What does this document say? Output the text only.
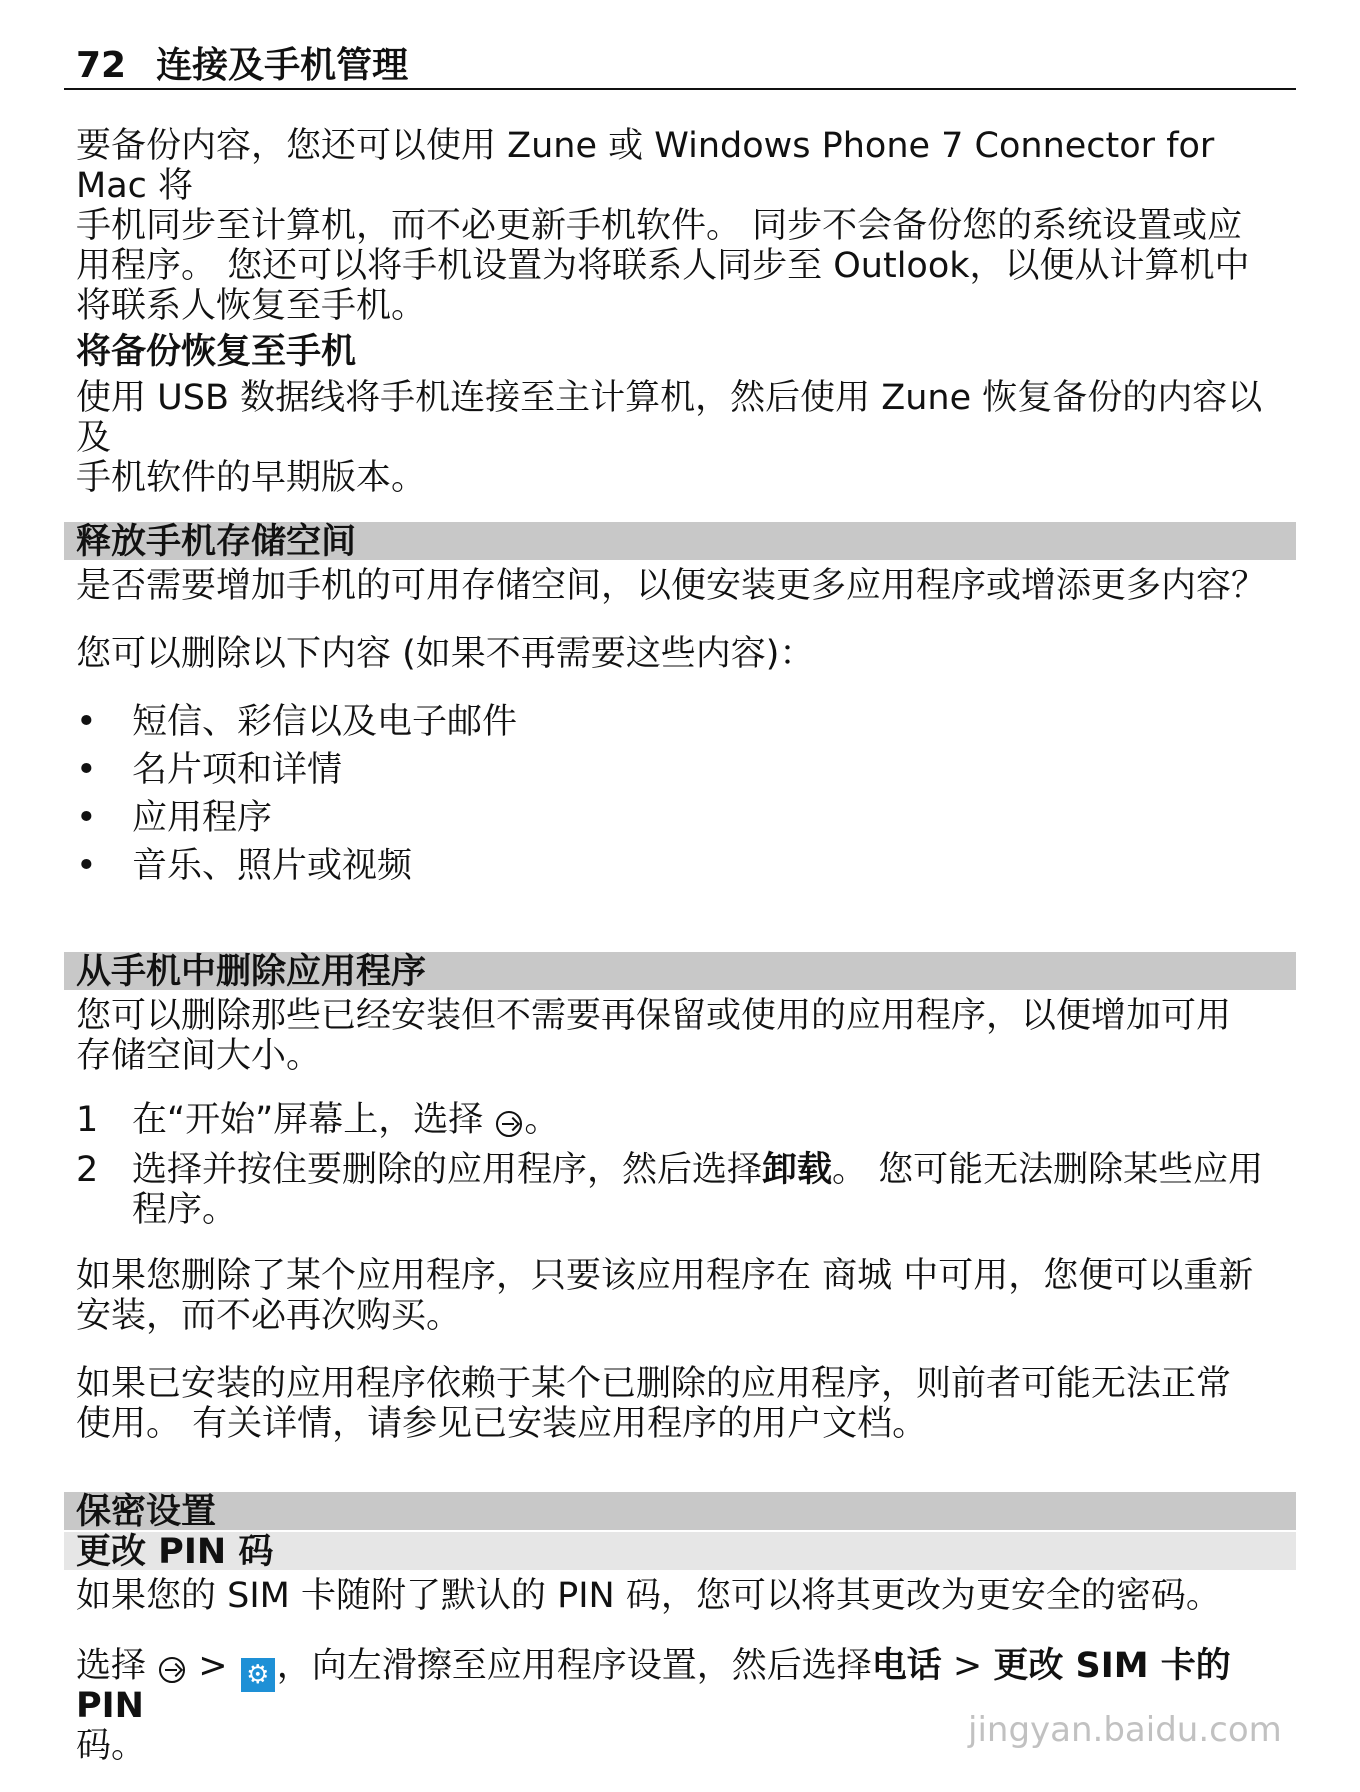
72 连接及手机管理

要备份内容，您还可以使用 Zune 或 Windows Phone 7 Connector for Mac 将

手机同步至计算机，而不必更新手机软件。 同步不会备份您的系统设置或应

用程序。 您还可以将手机设置为将联系人同步至 Outlook，以便从计算机中

将联系人恢复至手机。

将备份恢复至手机

使用 USB 数据线将手机连接至主计算机，然后使用 Zune 恢复备份的内容以及

手机软件的早期版本。

释放手机存储空间

是否需要增加手机的可用存储空间，以便安装更多应用程序或增添更多内容？

您可以删除以下内容 (如果不再需要这些内容)：

•	短信、彩信以及电子邮件
•	名片项和详情
•	应用程序
•	音乐、照片或视频
从手机中删除应用程序

您可以删除那些已经安装但不需要再保留或使用的应用程序，以便增加可用

存储空间大小。

1 在“开始”屏幕上，选择 。
2 选择并按住要删除的应用程序，然后选择卸载。 您可能无法删除某些应用
程序。

如果您删除了某个应用程序，只要该应用程序在 商城 中可用，您便可以重新

安装，而不必再次购买。

如果已安装的应用程序依赖于某个已删除的应用程序，则前者可能无法正常

使用。 有关详情，请参见已安装应用程序的用户文档。

保密设置
更改 PIN 码

如果您的 SIM 卡随附了默认的 PIN 码，您可以将其更改为更安全的密码。

选择  > ⚙ ，向左滑擦至应用程序设置，然后选择电话 > 更改 SIM 卡的 PIN

码。	jingyan.baidu.com
